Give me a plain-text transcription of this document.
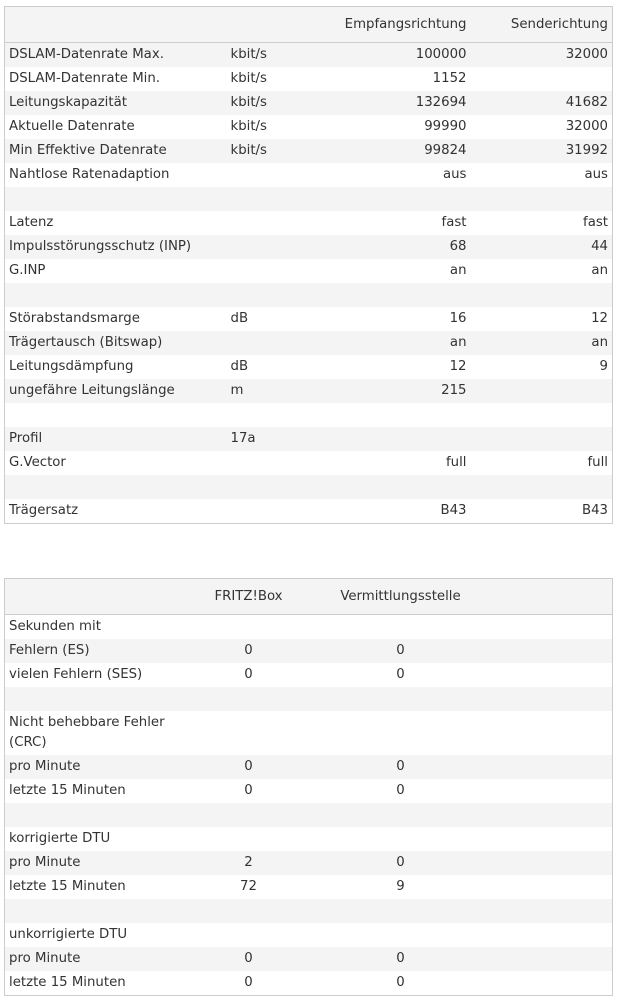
		Empfangsrichtung	Senderichtung
DSLAM-Datenrate Max.	kbit/s	100000	32000
DSLAM-Datenrate Min.	kbit/s	1152	
Leitungskapazität	kbit/s	132694	41682
Aktuelle Datenrate	kbit/s	99990	32000
Min Effektive Datenrate	kbit/s	99824	31992
Nahtlose Ratenadaption		aus	aus

Latenz		fast	fast
Impulsstörungsschutz (INP)		68	44
G.INP		an	an

Störabstandsmarge	dB	16	12
Trägertausch (Bitswap)		an	an
Leitungsdämpfung	dB	12	9
ungefähre Leitungslänge	m	215	

Profil	17a		
G.Vector		full	full

Trägersatz		B43	B43
	FRITZ!Box	Vermittlungsstelle	
Sekunden mit			
Fehlern (ES)	0	0	
vielen Fehlern (SES)	0	0	

Nicht behebbare Fehler (CRC)			
pro Minute	0	0	
letzte 15 Minuten	0	0	

korrigierte DTU			
pro Minute	2	0	
letzte 15 Minuten	72	9	

unkorrigierte DTU			
pro Minute	0	0	
letzte 15 Minuten	0	0	
